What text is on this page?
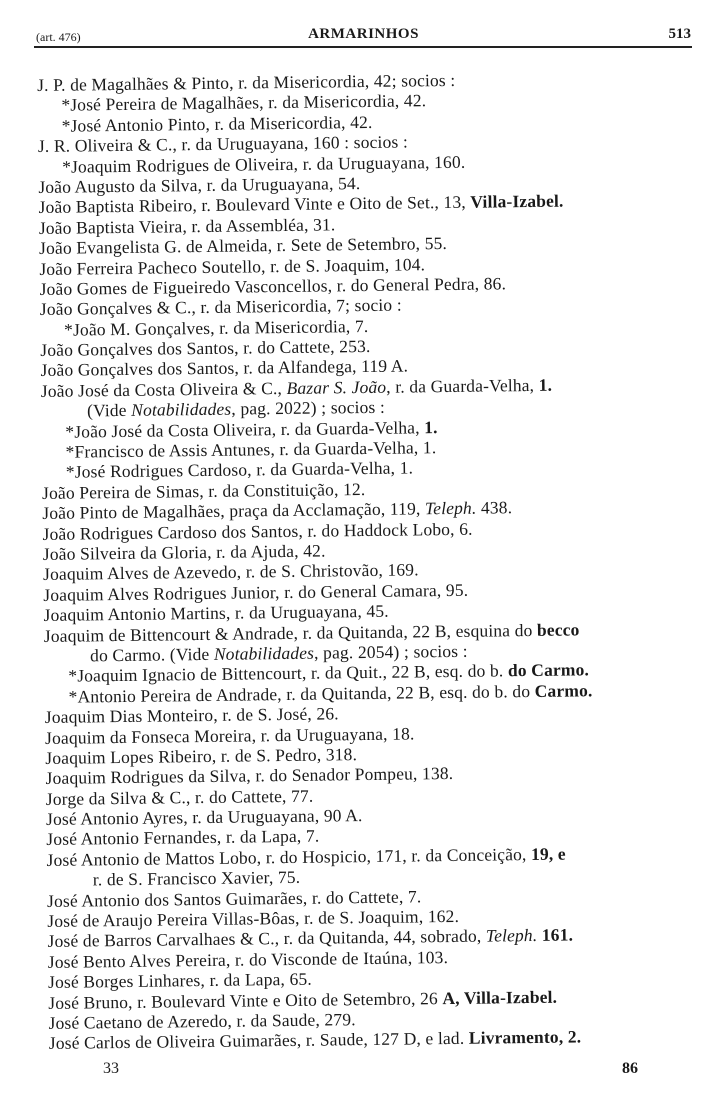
(art. 476)	ARMARINHOS	513
J. P. de Magalhães & Pinto, r. da Misericordia, 42; socios :
*José Pereira de Magalhães, r. da Misericordia, 42.
*José Antonio Pinto, r. da Misericordia, 42.
J. R. Oliveira & C., r. da Uruguayana, 160 : socios :
*Joaquim Rodrigues de Oliveira, r. da Uruguayana, 160.
João Augusto da Silva, r. da Uruguayana, 54.
João Baptista Ribeiro, r. Boulevard Vinte e Oito de Set., 13, Villa-Izabel.
João Baptista Vieira, r. da Assembléa, 31.
João Evangelista G. de Almeida, r. Sete de Setembro, 55.
João Ferreira Pacheco Soutello, r. de S. Joaquim, 104.
João Gomes de Figueiredo Vasconcellos, r. do General Pedra, 86.
João Gonçalves & C., r. da Misericordia, 7; socio :
*João M. Gonçalves, r. da Misericordia, 7.
João Gonçalves dos Santos, r. do Cattete, 253.
João Gonçalves dos Santos, r. da Alfandega, 119 A.
João José da Costa Oliveira & C., Bazar S. João, r. da Guarda-Velha, 1.
(Vide Notabilidades, pag. 2022) ; socios :
*João José da Costa Oliveira, r. da Guarda-Velha, 1.
*Francisco de Assis Antunes, r. da Guarda-Velha, 1.
*José Rodrigues Cardoso, r. da Guarda-Velha, 1.
João Pereira de Simas, r. da Constituição, 12.
João Pinto de Magalhães, praça da Acclamação, 119, Teleph. 438.
João Rodrigues Cardoso dos Santos, r. do Haddock Lobo, 6.
João Silveira da Gloria, r. da Ajuda, 42.
Joaquim Alves de Azevedo, r. de S. Christovão, 169.
Joaquim Alves Rodrigues Junior, r. do General Camara, 95.
Joaquim Antonio Martins, r. da Uruguayana, 45.
Joaquim de Bittencourt & Andrade, r. da Quitanda, 22 B, esquina do becco
do Carmo. (Vide Notabilidades, pag. 2054) ; socios :
*Joaquim Ignacio de Bittencourt, r. da Quit., 22 B, esq. do b. do Carmo.
*Antonio Pereira de Andrade, r. da Quitanda, 22 B, esq. do b. do Carmo.
Joaquim Dias Monteiro, r. de S. José, 26.
Joaquim da Fonseca Moreira, r. da Uruguayana, 18.
Joaquim Lopes Ribeiro, r. de S. Pedro, 318.
Joaquim Rodrigues da Silva, r. do Senador Pompeu, 138.
Jorge da Silva & C., r. do Cattete, 77.
José Antonio Ayres, r. da Uruguayana, 90 A.
José Antonio Fernandes, r. da Lapa, 7.
José Antonio de Mattos Lobo, r. do Hospicio, 171, r. da Conceição, 19, e
r. de S. Francisco Xavier, 75.
José Antonio dos Santos Guimarães, r. do Cattete, 7.
José de Araujo Pereira Villas-Bôas, r. de S. Joaquim, 162.
José de Barros Carvalhaes & C., r. da Quitanda, 44, sobrado, Teleph. 161.
José Bento Alves Pereira, r. do Visconde de Itaúna, 103.
José Borges Linhares, r. da Lapa, 65.
José Bruno, r. Boulevard Vinte e Oito de Setembro, 26 A, Villa-Izabel.
José Caetano de Azeredo, r. da Saude, 279.
José Carlos de Oliveira Guimarães, r. Saude, 127 D, e lad. Livramento, 2.
33	86
